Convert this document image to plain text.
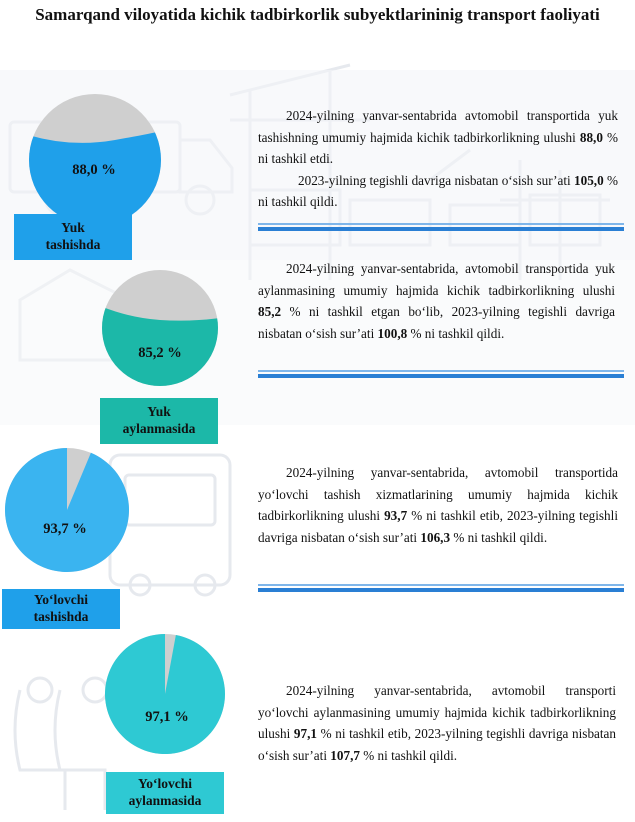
Samarqand viloyatida kichik tadbirkorlik subyektlarininig transport faoliyati
88,0 %
Yuk
tashishda

2024-yilning yanvar-sentabrida avtomobil transportida yuk tashishning umumiy hajmida kichik tadbirkorlikning ulushi 88,0 % ni tashkil etdi.

2023-yilning tegishli davriga nisbatan o‘sish sur’ati 105,0 % ni tashkil qildi.

85,2 %
Yuk
aylanmasida

2024-yilning yanvar-sentabrida, avtomobil transportida yuk aylanmasining umumiy hajmida kichik tadbirkorlikning ulushi 85,2 % ni tashkil etgan bo‘lib, 2023-yilning tegishli davriga nisbatan o‘sish sur’ati 100,8 % ni tashkil qildi.

93,7 %
Yo‘lovchi
tashishda

2024-yilning yanvar-sentabrida, avtomobil transportida yo‘lovchi tashish xizmatlarining umumiy hajmida kichik tadbirkorlikning ulushi 93,7 % ni tashkil etib, 2023-yilning tegishli davriga nisbatan o‘sish sur’ati 106,3 % ni tashkil qildi.

97,1 %
Yo‘lovchi
aylanmasida

2024-yilning yanvar-sentabrida, avtomobil transporti yo‘lovchi aylanmasining umumiy hajmida kichik tadbirkorlikning ulushi 97,1 % ni tashkil etib, 2023-yilning tegishli davriga nisbatan o‘sish sur’ati 107,7 % ni tashkil qildi.
